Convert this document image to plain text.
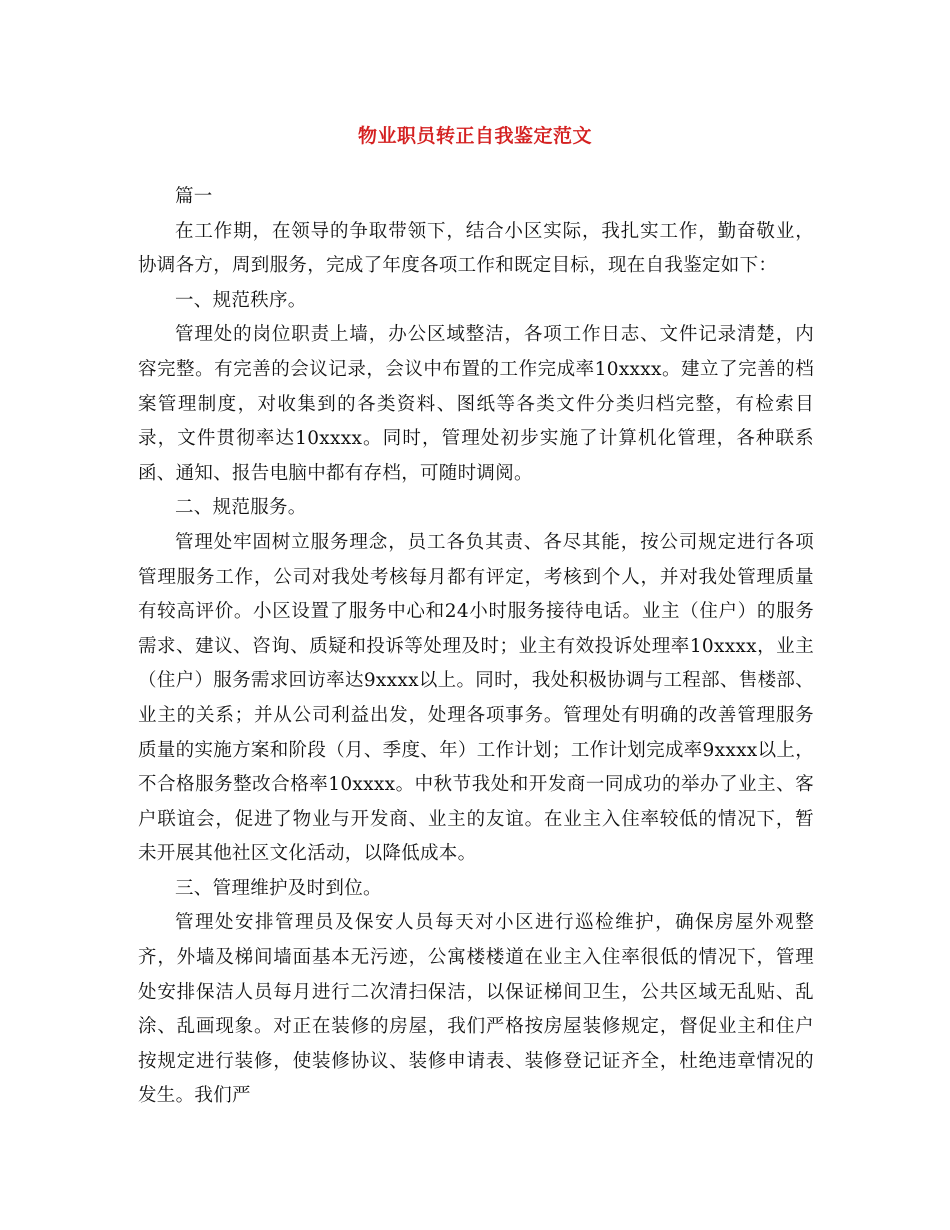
物业职员转正自我鉴定范文

篇一

在工作期，在领导的争取带领下，结合小区实际，我扎实工作，勤奋敬业，协调各方，周到服务，完成了年度各项工作和既定目标，现在自我鉴定如下：

一、规范秩序。

管理处的岗位职责上墙，办公区域整洁，各项工作日志、文件记录清楚，内容完整。有完善的会议记录，会议中布置的工作完成率10xxxx。建立了完善的档案管理制度，对收集到的各类资料、图纸等各类文件分类归档完整，有检索目录，文件贯彻率达10xxxx。同时，管理处初步实施了计算机化管理，各种联系函、通知、报告电脑中都有存档，可随时调阅。

二、规范服务。

管理处牢固树立服务理念，员工各负其责、各尽其能，按公司规定进行各项管理服务工作，公司对我处考核每月都有评定，考核到个人，并对我处管理质量有较高评价。小区设置了服务中心和24小时服务接待电话。业主（住户）的服务需求、建议、咨询、质疑和投诉等处理及时；业主有效投诉处理率10xxxx，业主（住户）服务需求回访率达9xxxx以上。同时，我处积极协调与工程部、售楼部、业主的关系；并从公司利益出发，处理各项事务。管理处有明确的改善管理服务质量的实施方案和阶段（月、季度、年）工作计划；工作计划完成率9xxxx以上，不合格服务整改合格率10xxxx。中秋节我处和开发商一同成功的举办了业主、客户联谊会，促进了物业与开发商、业主的友谊。在业主入住率较低的情况下，暂未开展其他社区文化活动，以降低成本。

三、管理维护及时到位。

管理处安排管理员及保安人员每天对小区进行巡检维护，确保房屋外观整齐，外墙及梯间墙面基本无污迹，公寓楼楼道在业主入住率很低的情况下，管理处安排保洁人员每月进行二次清扫保洁，以保证梯间卫生，公共区域无乱贴、乱涂、乱画现象。对正在装修的房屋，我们严格按房屋装修规定，督促业主和住户按规定进行装修，使装修协议、装修申请表、装修登记证齐全，杜绝违章情况的发生。我们严
